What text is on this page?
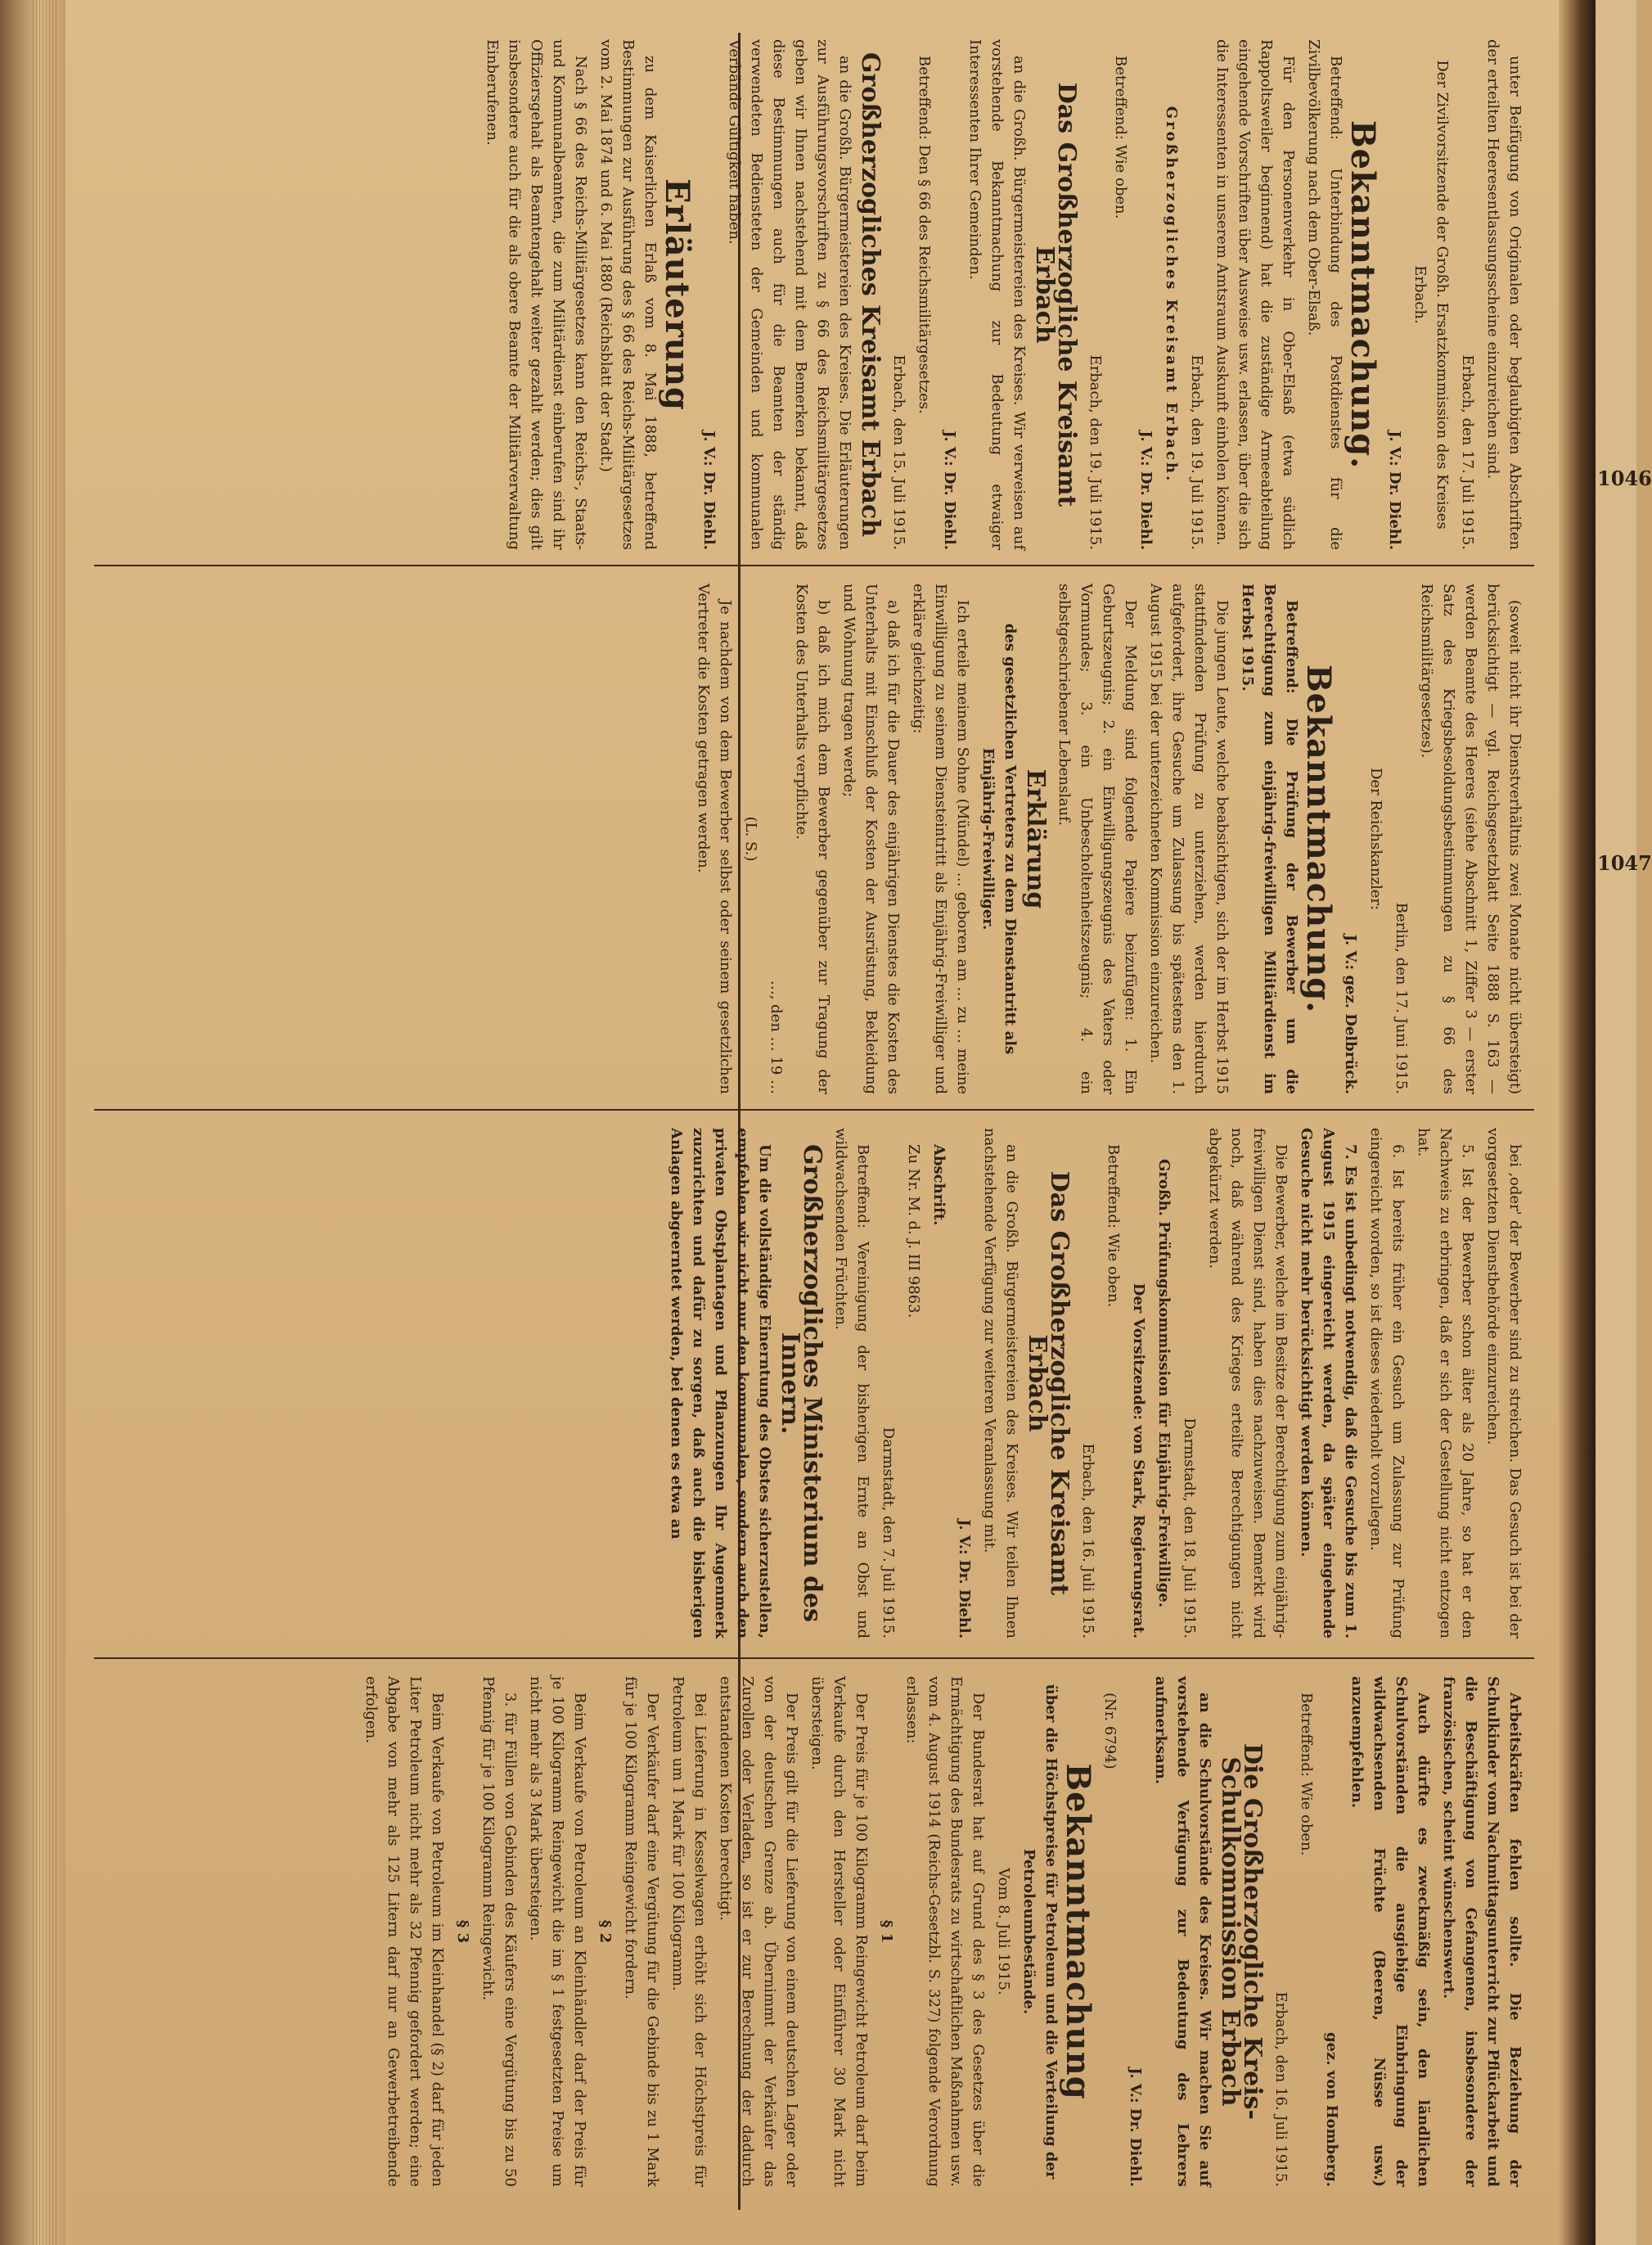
unter Beifügung von Originalen oder beglaubigten Abschriften der erteilten Heeresentlassungsscheine einzureichen sind.

Erbach, den 17. Juli 1915.

Der Zivilvorsitzende der Großh. Ersatzkommission des Kreises Erbach.

J. V.: Dr. Diehl.

Bekanntmachung.

Betreffend: Unterbindung des Postdienstes für die Zivilbevölkerung nach dem Ober-Elsaß.

Für den Personenverkehr in Ober-Elsaß (etwa südlich Rappoltsweiler beginnend) hat die zuständige Armeeabteilung eingehende Vorschriften über Ausweise usw. erlassen, über die sich die Interessenten in unserem Amtsraum Auskunft einholen können.

Erbach, den 19. Juli 1915.

Großherzogliches Kreisamt Erbach.

J. V.: Dr. Diehl.

Betreffend: Wie oben.

Erbach, den 19. Juli 1915.

Das Großherzogliche Kreisamt Erbach

an die Großh. Bürgermeistereien des Kreises. Wir verweisen auf vorstehende Bekanntmachung zur Bedeutung etwaiger Interessenten Ihrer Gemeinden.

J. V.: Dr. Diehl.

Betreffend: Den § 66 des Reichsmilitärgesetzes.

Erbach, den 15. Juli 1915.

Großherzogliches Kreisamt Erbach

an die Großh. Bürgermeistereien des Kreises. Die Erläuterungen zur Ausführungsvorschriften zu § 66 des Reichsmilitärgesetzes geben wir Ihnen nachstehend mit dem Bemerken bekannt, daß diese Bestimmungen auch für die Beamten der ständig verwendeten Bediensteten der Gemeinden und kommunalen Verbände Gültigkeit haben.

J. V.: Dr. Diehl.

Erläuterung

zu dem Kaiserlichen Erlaß vom 8. Mai 1888, betreffend Bestimmungen zur Ausführung des § 66 des Reichs-Militärgesetzes vom 2. Mai 1874 und 6. Mai 1880 (Reichsblatt der Stadt.)

Nach § 66 des Reichs-Militärgesetzes kann den Reichs-, Staats- und Kommunalbeamten, die zum Militärdienst einberufen sind ihr Offiziersgehalt als Beamtengehalt weiter gezahlt werden; dies gilt insbesondere auch für die als obere Beamte der Militärverwaltung Einberufenen.

(soweit nicht ihr Dienstverhältnis zwei Monate nicht übersteigt) berücksichtigt — vgl. Reichsgesetzblatt Seite 1888 S. 163 — werden Beamte des Heeres (siehe Abschnitt 1, Ziffer 3 — erster Satz des Kriegsbesoldungsbestimmungen zu § 66 des Reichsmilitärgesetzes).

Berlin, den 17. Juni 1915.

Der Reichskanzler:

J. V.: gez. Delbrück.

Bekanntmachung.

Betreffend: Die Prüfung der Bewerber um die Berechtigung zum einjährig-freiwilligen Militärdienst im Herbst 1915.

Die jungen Leute, welche beabsichtigen, sich der im Herbst 1915 stattfindenden Prüfung zu unterziehen, werden hierdurch aufgefordert, ihre Gesuche um Zulassung bis spätestens den 1. August 1915 bei der unterzeichneten Kommission einzureichen.

Der Meldung sind folgende Papiere beizufügen: 1. Ein Geburtszeugnis; 2. ein Einwilligungszeugnis des Vaters oder Vormundes; 3. ein Unbescholtenheitszeugnis; 4. ein selbstgeschriebener Lebenslauf.

Erklärung

des gesetzlichen Vertreters zu dem Dienstantritt als Einjährig-Freiwilliger.

Ich erteile meinem Sohne (Mündel) … geboren am … zu … meine Einwilligung zu seinem Diensteintritt als Einjährig-Freiwilliger und erkläre gleichzeitig:

a) daß ich für die Dauer des einjährigen Dienstes die Kosten des Unterhalts mit Einschluß der Kosten der Ausrüstung, Bekleidung und Wohnung tragen werde;

b) daß ich mich dem Bewerber gegenüber zur Tragung der Kosten des Unterhalts verpflichte.

…, den … 19 …

(L. S.)

Je nachdem von dem Bewerber selbst oder seinem gesetzlichen Vertreter die Kosten getragen werden.

bei ‚oder' der Bewerber sind zu streichen. Das Gesuch ist bei der vorgesetzten Dienstbehörde einzureichen.

5. Ist der Bewerber schon älter als 20 Jahre, so hat er den Nachweis zu erbringen, daß er sich der Gestellung nicht entzogen hat.

6. Ist bereits früher ein Gesuch um Zulassung zur Prüfung eingereicht worden, so ist dieses wiederholt vorzulegen.

7. Es ist unbedingt notwendig, daß die Gesuche bis zum 1. August 1915 eingereicht werden, da später eingehende Gesuche nicht mehr berücksichtigt werden können.

Die Bewerber, welche im Besitze der Berechtigung zum einjährig-freiwilligen Dienst sind, haben dies nachzuweisen. Bemerkt wird noch, daß während des Krieges erteilte Berechtigungen nicht abgekürzt werden.

Darmstadt, den 18. Juli 1915.

Großh. Prüfungskommission für Einjährig-Freiwillige.

Der Vorsitzende: von Stark, Regierungsrat.

Betreffend: Wie oben.

Erbach, den 16. Juli 1915.

Das Großherzogliche Kreisamt Erbach

an die Großh. Bürgermeistereien des Kreises. Wir teilen Ihnen nachstehende Verfügung zur weiteren Veranlassung mit.

J. V.: Dr. Diehl.

Abschrift.

Zu Nr. M. d. J. III 9863.

Darmstadt, den 7. Juli 1915.

Betreffend: Vereinigung der bisherigen Ernte an Obst und wildwachsenden Früchten.

Großherzogliches Ministerium des Innern.

Um die vollständige Einerntung des Obstes sicherzustellen, empfehlen wir nicht nur den kommunalen, sondern auch den privaten Obstplantagen und Pflanzungen Ihr Augenmerk zuzurichten und dafür zu sorgen, daß auch die bisherigen Anlagen abgeerntet werden, bei denen es etwa an

Arbeitskräften fehlen sollte. Die Beziehung der Schulkinder vom Nachmittagsunterricht zur Pflückarbeit und die Beschäftigung von Gefangenen, insbesondere der französischen, scheint wünschenswert.

Auch dürfte es zweckmäßig sein, den ländlichen Schulvorständen die ausgiebige Einbringung der wildwachsenden Früchte (Beeren, Nüsse usw.) anzuempfehlen.

gez. von Homberg.

Betreffend: Wie oben.

Erbach, den 16. Juli 1915.

Die Großherzogliche Kreis-Schulkommission Erbach

an die Schulvorstände des Kreises. Wir machen Sie auf vorstehende Verfügung zur Bedeutung des Lehrers aufmerksam.

J. V.: Dr. Diehl.

(Nr. 6794)

Bekanntmachung

über die Höchstpreise für Petroleum und die Verteilung der Petroleumbestände.

Vom 8. Juli 1915.

Der Bundesrat hat auf Grund des § 3 des Gesetzes über die Ermächtigung des Bundesrats zu wirtschaftlichen Maßnahmen usw. vom 4. August 1914 (Reichs-Gesetzbl. S. 327) folgende Verordnung erlassen:

§ 1

Der Preis für je 100 Kilogramm Reingewicht Petroleum darf beim Verkaufe durch den Hersteller oder Einführer 30 Mark nicht übersteigen.

Der Preis gilt für die Lieferung von einem deutschen Lager oder von der deutschen Grenze ab. Übernimmt der Verkäufer das Zurollen oder Verladen, so ist er zur Berechnung der dadurch entstandenen Kosten berechtigt.

Bei Lieferung in Kesselwagen erhöht sich der Höchstpreis für Petroleum um 1 Mark für 100 Kilogramm.

Der Verkäufer darf eine Vergütung für die Gebinde bis zu 1 Mark für je 100 Kilogramm Reingewicht fordern.

§ 2

Beim Verkaufe von Petroleum an Kleinhändler darf der Preis für je 100 Kilogramm Reingewicht die im § 1 festgesetzten Preise um nicht mehr als 3 Mark übersteigen.

3. für Füllen von Gebinden des Käufers eine Vergütung bis zu 50 Pfennig für je 100 Kilogramm Reingewicht.

§ 3

Beim Verkaufe von Petroleum im Kleinhandel (§ 2) darf für jeden Liter Petroleum nicht mehr als 32 Pfennig gefordert werden; eine Abgabe von mehr als 125 Litern darf nur an Gewerbetreibende erfolgen.

1046
1047
